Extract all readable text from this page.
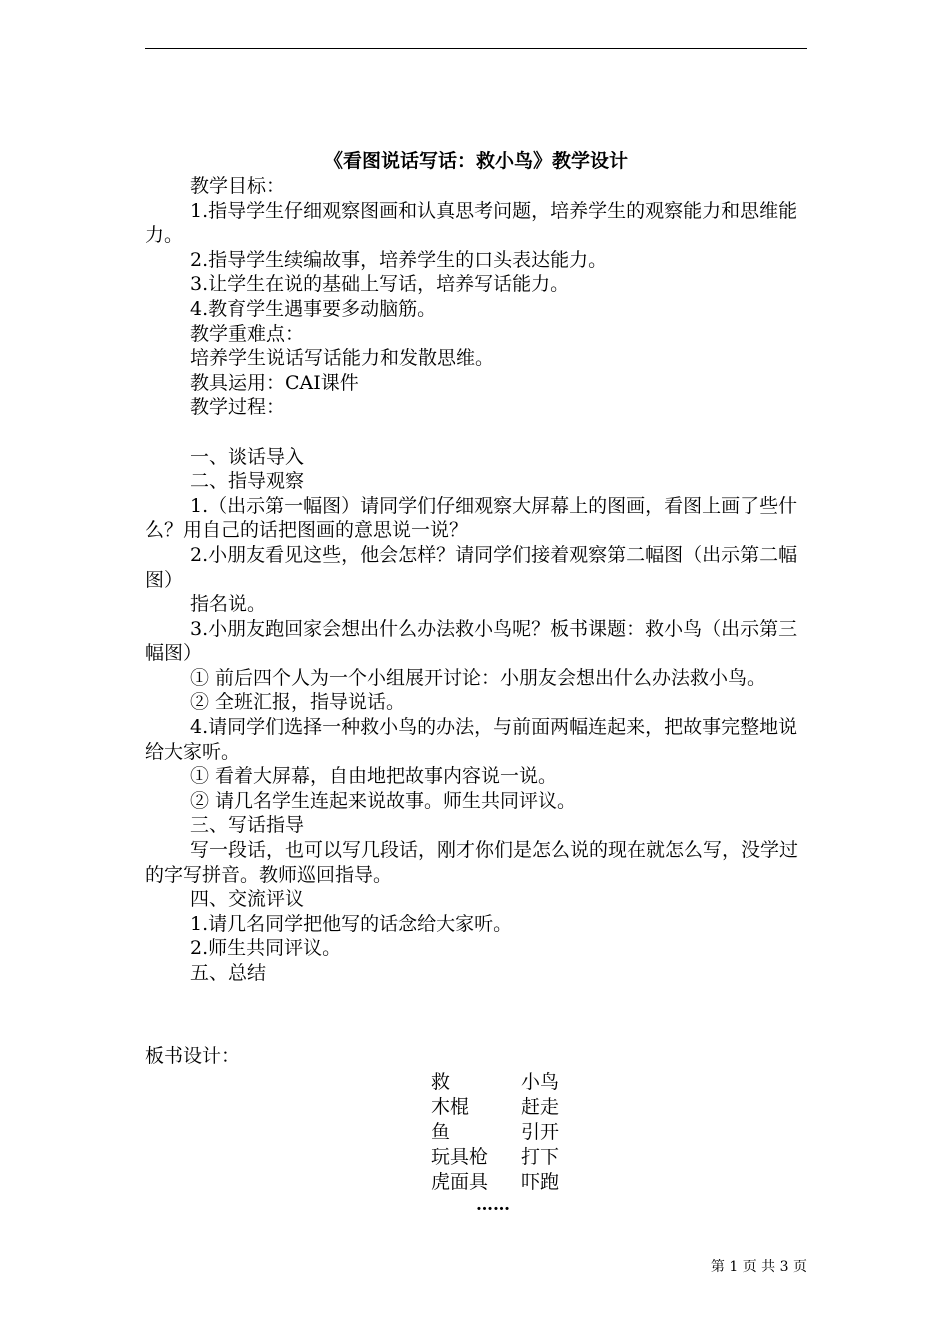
《看图说话写话：救小鸟》教学设计

教学目标：

1.指导学生仔细观察图画和认真思考问题，培养学生的观察能力和思维能力。

2.指导学生续编故事，培养学生的口头表达能力。

3.让学生在说的基础上写话，培养写话能力。

4.教育学生遇事要多动脑筋。

教学重难点：

培养学生说话写话能力和发散思维。

教具运用：CAI课件

教学过程：

一、谈话导入

二、指导观察

1.（出示第一幅图）请同学们仔细观察大屏幕上的图画，看图上画了些什么？用自己的话把图画的意思说一说？

2.小朋友看见这些，他会怎样？请同学们接着观察第二幅图（出示第二幅图）

指名说。

3.小朋友跑回家会想出什么办法救小鸟呢？板书课题：救小鸟（出示第三幅图）

① 前后四个人为一个小组展开讨论：小朋友会想出什么办法救小鸟。

② 全班汇报，指导说话。

4.请同学们选择一种救小鸟的办法，与前面两幅连起来，把故事完整地说给大家听。

① 看着大屏幕，自由地把故事内容说一说。

② 请几名学生连起来说故事。师生共同评议。

三、写话指导

写一段话，也可以写几段话，刚才你们是怎么说的现在就怎么写，没学过的字写拼音。教师巡回指导。

四、交流评议

1.请几名同学把他写的话念给大家听。

2.师生共同评议。

五、总结

板书设计：
救	小鸟
木棍	赶走
鱼	引开
玩具枪 打下
虎面具 吓跑
……
第 1 页 共 3 页
